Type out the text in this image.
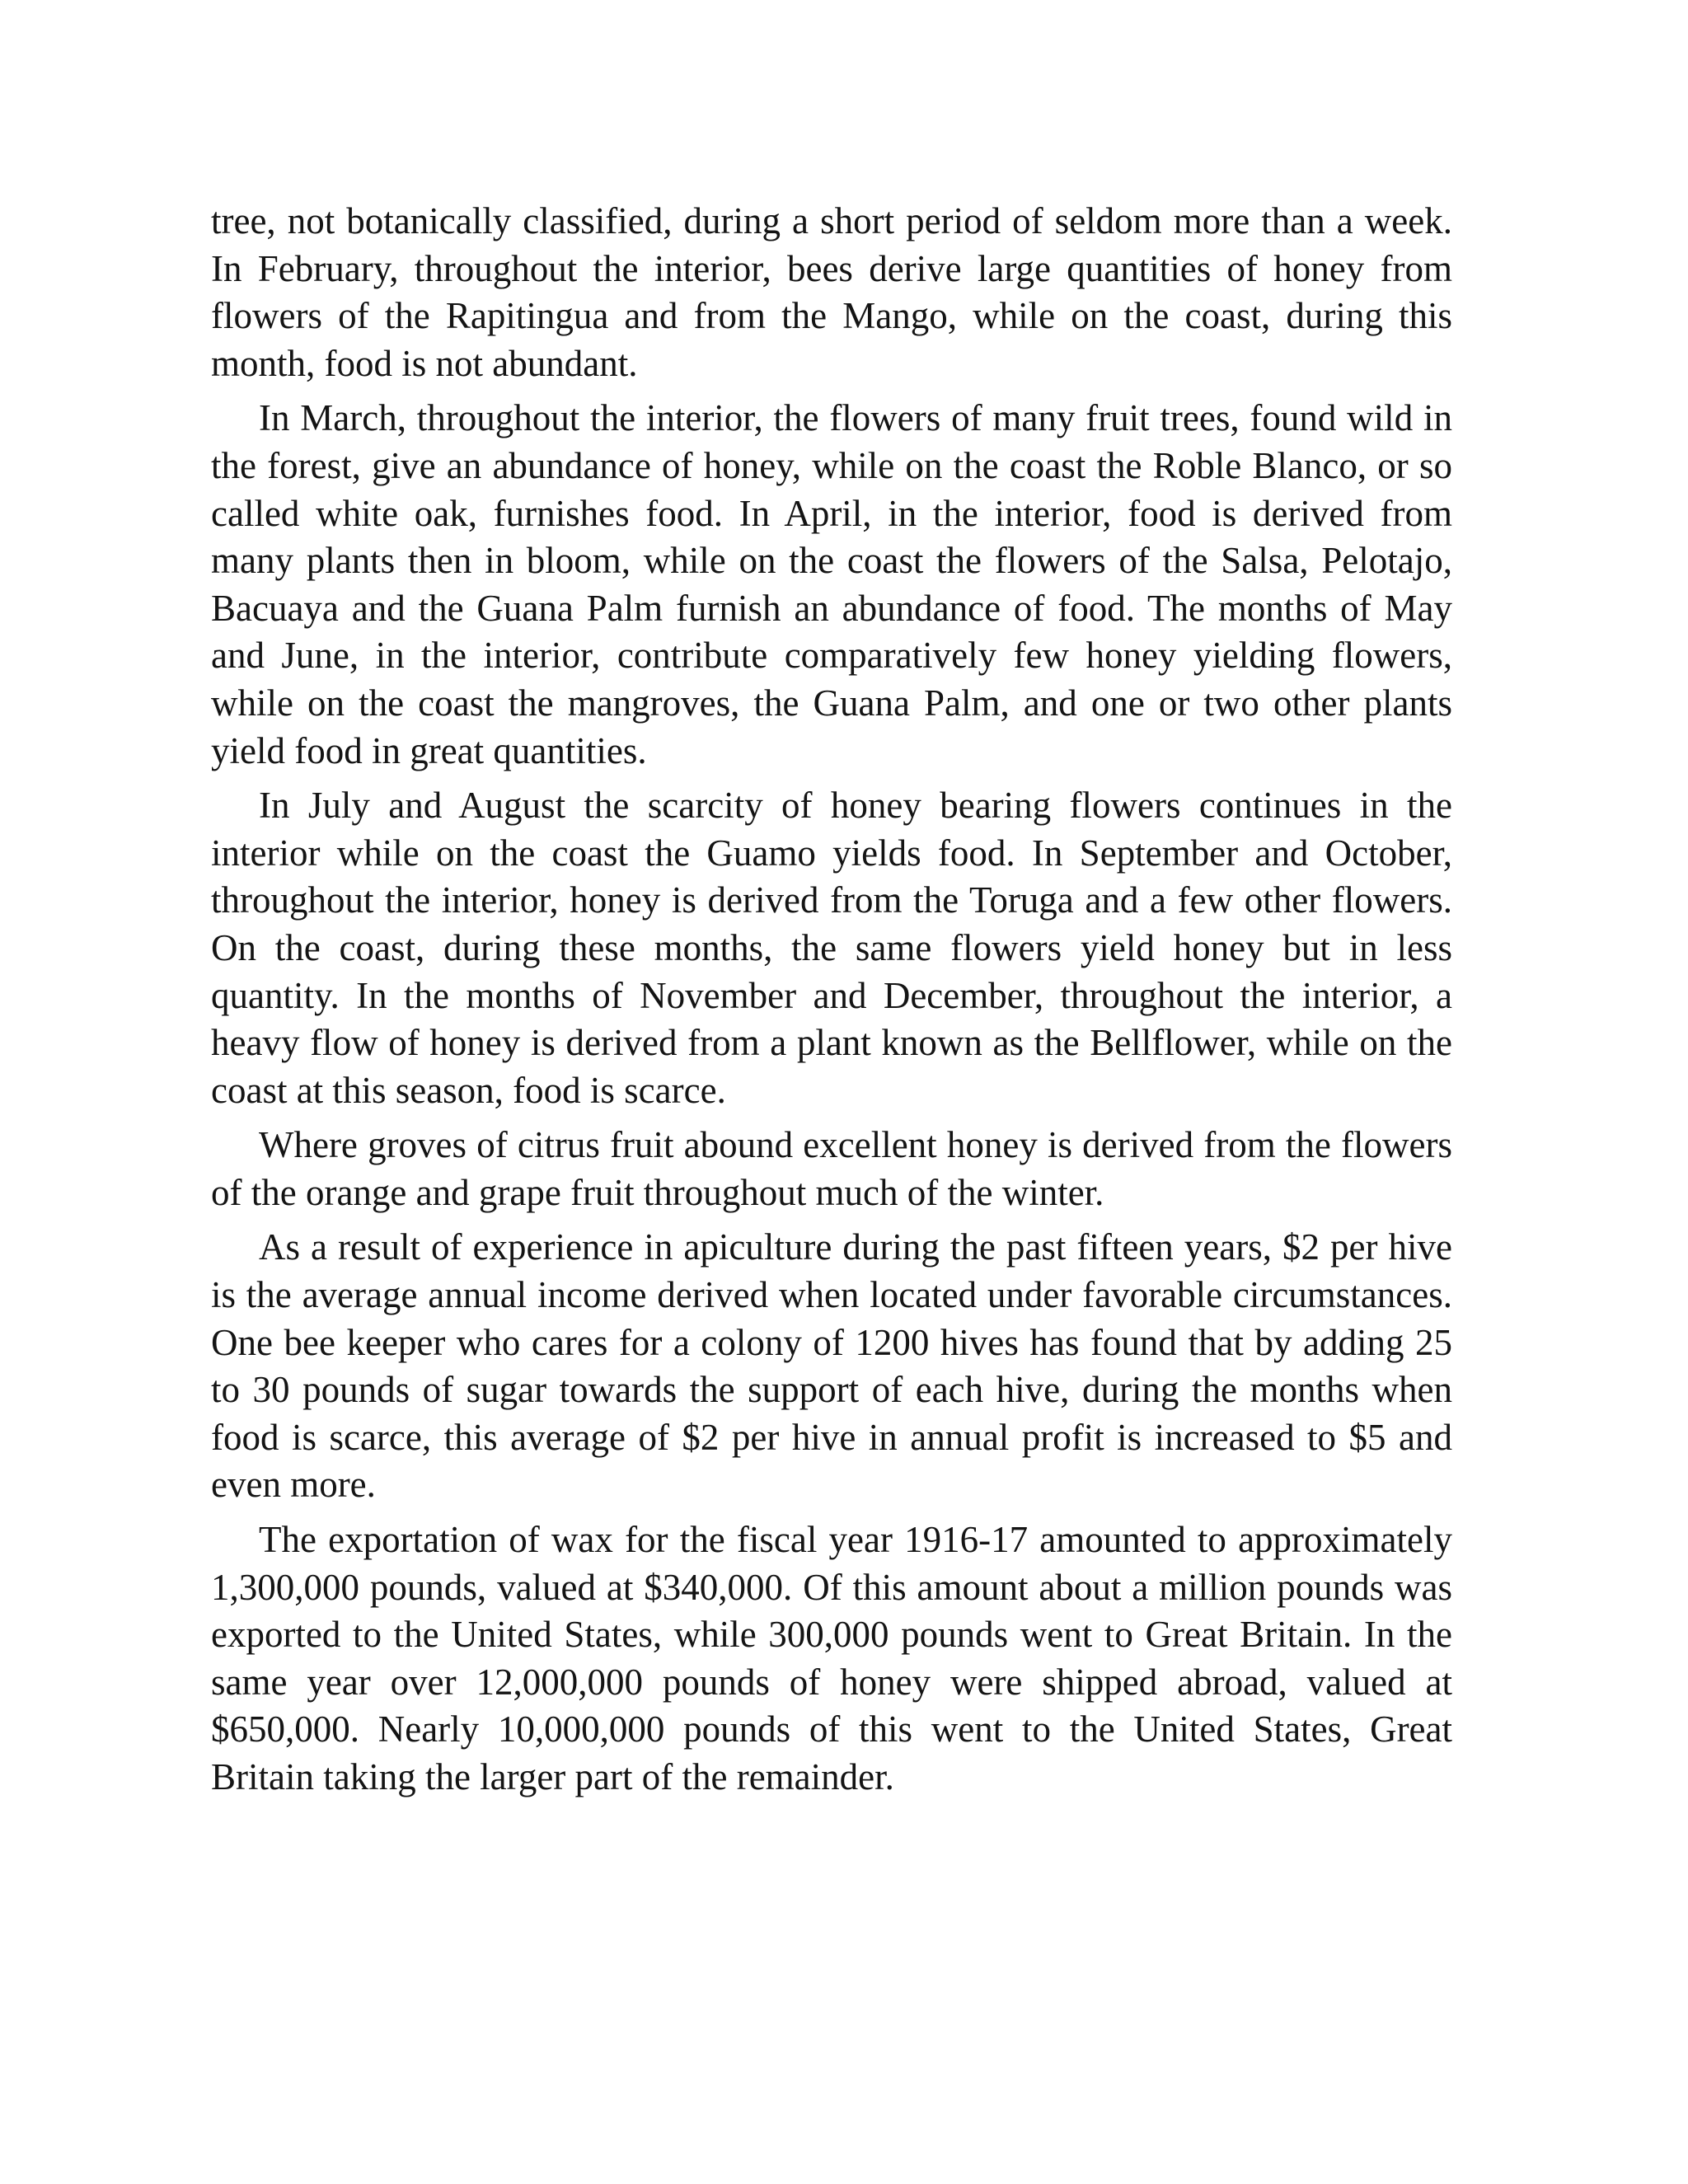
tree, not botanically classified, during a short period of seldom more than a week. In February, throughout the interior, bees derive large quantities of honey from flowers of the Rapitingua and from the Mango, while on the coast, during this month, food is not abundant.

In March, throughout the interior, the flowers of many fruit trees, found wild in the forest, give an abundance of honey, while on the coast the Roble Blanco, or so called white oak, furnishes food. In April, in the interior, food is derived from many plants then in bloom, while on the coast the flowers of the Salsa, Pelotajo, Bacuaya and the Guana Palm furnish an abundance of food. The months of May and June, in the interior, contribute comparatively few honey yielding flowers, while on the coast the mangroves, the Guana Palm, and one or two other plants yield food in great quantities.

In July and August the scarcity of honey bearing flowers continues in the interior while on the coast the Guamo yields food. In September and October, throughout the interior, honey is derived from the Toruga and a few other flowers. On the coast, during these months, the same flowers yield honey but in less quantity. In the months of November and December, throughout the interior, a heavy flow of honey is derived from a plant known as the Bellflower, while on the coast at this season, food is scarce.

Where groves of citrus fruit abound excellent honey is derived from the flowers of the orange and grape fruit throughout much of the winter.

As a result of experience in apiculture during the past fifteen years, $2 per hive is the average annual income derived when located under favorable circumstances. One bee keeper who cares for a colony of 1200 hives has found that by adding 25 to 30 pounds of sugar towards the support of each hive, during the months when food is scarce, this average of $2 per hive in annual profit is increased to $5 and even more.

The exportation of wax for the fiscal year 1916-17 amounted to approximately 1,300,000 pounds, valued at $340,000. Of this amount about a million pounds was exported to the United States, while 300,000 pounds went to Great Britain. In the same year over 12,000,000 pounds of honey were shipped abroad, valued at $650,000. Nearly 10,000,000 pounds of this went to the United States, Great Britain taking the larger part of the remainder.
